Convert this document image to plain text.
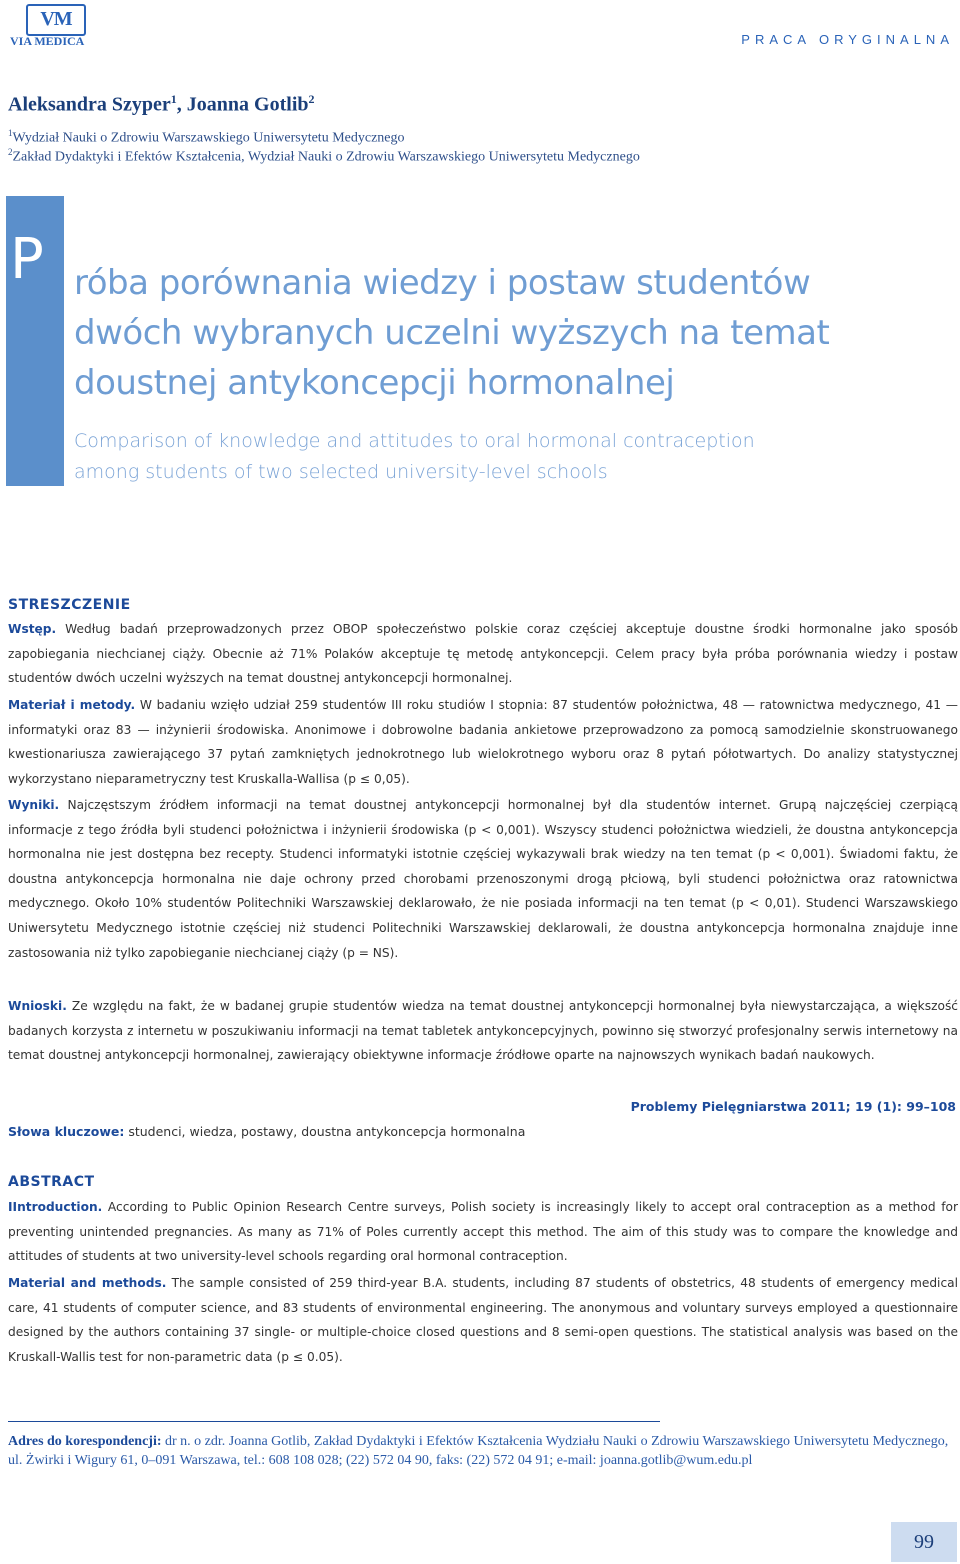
VM
VIA MEDICA	PRACA ORYGINALNA
Aleksandra Szyper$^1$, Joanna Gotlib$^2$
$^1$Wydział Nauki o Zdrowiu Warszawskiego Uniwersytetu Medycznego
$^2$Zakład Dydaktyki i Efektów Kształcenia, Wydział Nauki o Zdrowiu Warszawskiego Uniwersytetu Medycznego
P róba porównania wiedzy i postaw studentów
dwóch wybranych uczelni wyższych na temat
doustnej antykoncepcji hormonalnej
Comparison of knowledge and attitudes to oral hormonal contraception
among students of two selected university-level schools
STRESZCZENIE
Wstęp. Według badań przeprowadzonych przez OBOP społeczeństwo polskie coraz częściej akceptuje doustne środki hormonalne jako sposób zapobiegania niechcianej ciąży. Obecnie aż 71% Polaków akceptuje tę metodę antykoncepcji. Celem pracy była próba porównania wiedzy i postaw studentów dwóch uczelni wyższych na temat doustnej antykoncepcji hormonalnej.
Materiał i metody. W badaniu wzięło udział 259 studentów III roku studiów I stopnia: 87 studentów położnictwa, 48 — ratownictwa medycznego, 41 — informatyki oraz 83 — inżynierii środowiska. Anonimowe i dobrowolne badania ankietowe przeprowadzono za pomocą samodzielnie skonstruowanego kwestionariusza zawierającego 37 pytań zamkniętych jednokrotnego lub wielokrotnego wyboru oraz 8 pytań półotwartych. Do analizy statystycznej wykorzystano nieparametryczny test Kruskalla-Wallisa (p ≤ 0,05).
Wyniki. Najczęstszym źródłem informacji na temat doustnej antykoncepcji hormonalnej był dla studentów internet. Grupą najczęściej czerpiącą informacje z tego źródła byli studenci położnictwa i inżynierii środowiska (p < 0,001). Wszyscy studenci położnictwa wiedzieli, że doustna antykoncepcja hormonalna nie jest dostępna bez recepty. Studenci informatyki istotnie częściej wykazywali brak wiedzy na ten temat (p < 0,001). Świadomi faktu, że doustna antykoncepcja hormonalna nie daje ochrony przed chorobami przenoszonymi drogą płciową, byli studenci położnictwa oraz ratownictwa medycznego. Około 10% studentów Politechniki Warszawskiej deklarowało, że nie posiada informacji na ten temat (p < 0,01). Studenci Warszawskiego Uniwersytetu Medycznego istotnie częściej niż studenci Politechniki Warszawskiej deklarowali, że doustna antykoncepcja hormonalna znajduje inne zastosowania niż tylko zapobieganie niechcianej ciąży (p = NS).
Wnioski. Ze względu na fakt, że w badanej grupie studentów wiedza na temat doustnej antykoncepcji hormonalnej była niewystarczająca, a większość badanych korzysta z internetu w poszukiwaniu informacji na temat tabletek antykoncepcyjnych, powinno się stworzyć profesjonalny serwis internetowy na temat doustnej antykoncepcji hormonalnej, zawierający obiektywne informacje źródłowe oparte na najnowszych wynikach badań naukowych.
Problemy Pielęgniarstwa 2011; 19 (1): 99–108
Słowa kluczowe: studenci, wiedza, postawy, doustna antykoncepcja hormonalna
ABSTRACT
IIntroduction. According to Public Opinion Research Centre surveys, Polish society is increasingly likely to accept oral contraception as a method for preventing unintended pregnancies. As many as 71% of Poles currently accept this method. The aim of this study was to compare the knowledge and attitudes of students at two university-level schools regarding oral hormonal contraception.
Material and methods. The sample consisted of 259 third-year B.A. students, including 87 students of obstetrics, 48 students of emergency medical care, 41 students of computer science, and 83 students of environmental engineering. The anonymous and voluntary surveys employed a questionnaire designed by the authors containing 37 single- or multiple-choice closed questions and 8 semi-open questions. The statistical analysis was based on the Kruskall-Wallis test for non-parametric data (p ≤ 0.05).
Adres do korespondencji: dr n. o zdr. Joanna Gotlib, Zakład Dydaktyki i Efektów Kształcenia Wydziału Nauki o Zdrowiu Warszawskiego Uniwersytetu Medycznego, ul. Żwirki i Wigury 61, 0–091 Warszawa, tel.: 608 108 028; (22) 572 04 90, faks: (22) 572 04 91; e-mail: joanna.gotlib@wum.edu.pl
99
